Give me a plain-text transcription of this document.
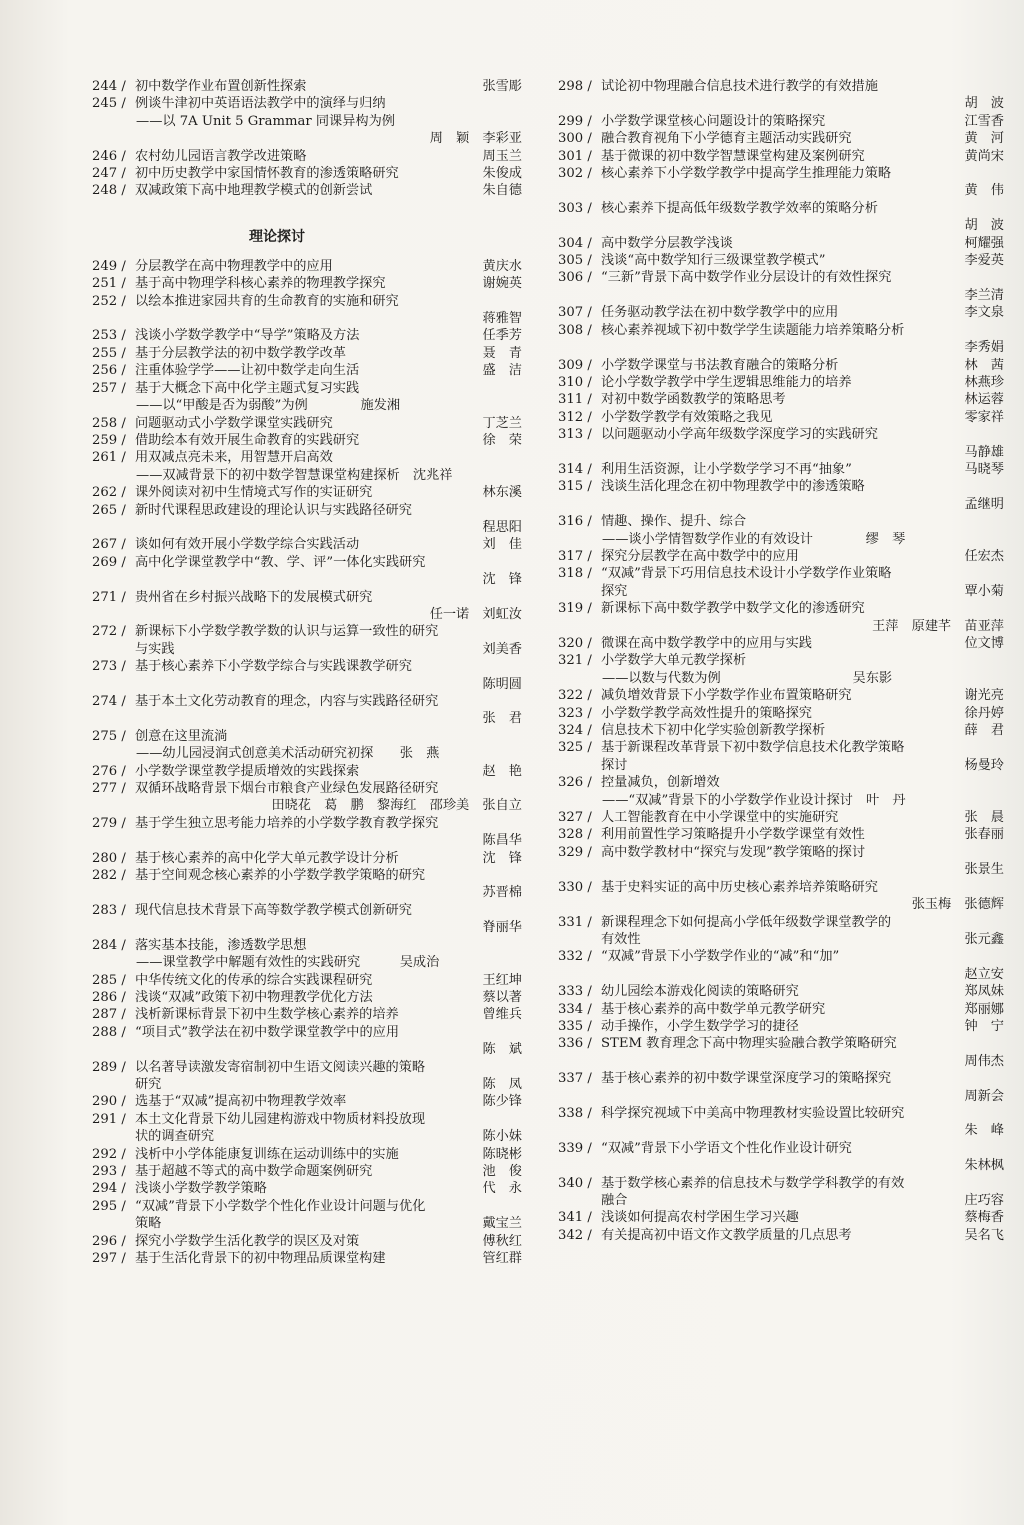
244 / 初中数学作业布置创新性探索	张雪彫
245 / 例谈牛津初中英语语法教学中的演绎与归纳
——以 7A Unit 5 Grammar 同课异构为例
周　颖　李彩亚
246 / 农村幼儿园语言教学改进策略	周玉兰
247 / 初中历史教学中家国情怀教育的渗透策略研究	朱俊成
248 / 双减政策下高中地理教学模式的创新尝试	朱自德
理论探讨
249 / 分层教学在高中物理教学中的应用	黄庆水
251 / 基于高中物理学科核心素养的物理教学探究	谢婉英
252 / 以绘本推进家园共育的生命教育的实施和研究
蒋雅智
253 / 浅谈小学数学教学中“导学”策略及方法	任季芳
255 / 基于分层教学法的初中数学教学改革	聂　青
256 / 注重体验学学——让初中数学走向生活	盛　洁
257 / 基于大概念下高中化学主题式复习实践
——以“甲酸是否为弱酸”为例　　　　施发湘
258 / 问题驱动式小学数学课堂实践研究	丁芝兰
259 / 借助绘本有效开展生命教育的实践研究	徐　荣
261 / 用双减点亮未来，用智慧开启高效
——双减背景下的初中数学智慧课堂构建探析　沈兆祥
262 / 课外阅读对初中生情境式写作的实证研究	林东溪
265 / 新时代课程思政建设的理论认识与实践路径研究
程思阳
267 / 谈如何有效开展小学数学综合实践活动	刘　佳
269 / 高中化学课堂教学中“教、学、评”一体化实践研究
沈　锋
271 / 贵州省在乡村振兴战略下的发展模式研究
任一诺　刘虹汝
272 / 新课标下小学数学教学数的认识与运算一致性的研究
与实践	刘美香
273 / 基于核心素养下小学数学综合与实践课教学研究
陈明圆
274 / 基于本土文化劳动教育的理念，内容与实践路径研究
张　君
275 / 创意在这里流淌
——幼儿园浸润式创意美术活动研究初探　　张　燕
276 / 小学数学课堂教学提质增效的实践探索	赵　艳
277 / 双循环战略背景下烟台市粮食产业绿色发展路径研究
田晓花　葛　鹏　黎海红　邵珍美　张自立
279 / 基于学生独立思考能力培养的小学数学教育教学探究
陈昌华
280 / 基于核心素养的高中化学大单元教学设计分析	沈　锋
282 / 基于空间观念核心素养的小学数学教学策略的研究
苏晋棉
283 / 现代信息技术背景下高等数学教学模式创新研究
脊丽华
284 / 落实基本技能，渗透数学思想
——课堂教学中解题有效性的实践研究　　　吴成治
285 / 中华传统文化的传承的综合实践课程研究	王红坤
286 / 浅谈“双减”政策下初中物理教学优化方法	蔡以著
287 / 浅析新课标背景下初中生数学核心素养的培养	曾维兵
288 / “项目式”教学法在初中数学课堂教学中的应用
陈　斌
289 / 以名著导读激发寄宿制初中生语文阅读兴趣的策略
研究	陈　凤
290 / 选基于“双减”提高初中物理教学效率	陈少锋
291 / 本土文化背景下幼儿园建构游戏中物质材料投放现
状的调查研究	陈小妹
292 / 浅析中小学体能康复训练在运动训练中的实施	陈晓彬
293 / 基于超越不等式的高中数学命题案例研究	池　俊
294 / 浅谈小学数学教学策略	代　永
295 / “双减”背景下小学数学个性化作业设计问题与优化
策略	戴宝兰
296 / 探究小学数学生活化教学的误区及对策	傅秋红
297 / 基于生活化背景下的初中物理品质课堂构建	管红群
298 / 试论初中物理融合信息技术进行教学的有效措施
胡　波
299 / 小学数学课堂核心问题设计的策略探究	江雪香
300 / 融合教育视角下小学德育主题活动实践研究	黄　河
301 / 基于微课的初中数学智慧课堂构建及案例研究	黄尚宋
302 / 核心素养下小学数学教学中提高学生推理能力策略
黄　伟
303 / 核心素养下提高低年级数学教学效率的策略分析
胡　波
304 / 高中数学分层教学浅谈	柯耀强
305 / 浅谈“高中数学知行三级课堂教学模式”	李爱英
306 / “三新”背景下高中数学作业分层设计的有效性探究
李兰清
307 / 任务驱动教学法在初中数学教学中的应用	李文泉
308 / 核心素养视域下初中数学学生读题能力培养策略分析
李秀娟
309 / 小学数学课堂与书法教育融合的策略分析	林　茜
310 / 论小学数学教学中学生逻辑思维能力的培养	林燕珍
311 / 对初中数学函数教学的策略思考	林运蓉
312 / 小学数学教学有效策略之我见	零家祥
313 / 以问题驱动小学高年级数学深度学习的实践研究
马静雄
314 / 利用生活资源，让小学数学学习不再“抽象”	马晓琴
315 / 浅谈生活化理念在初中物理教学中的渗透策略
孟继明
316 / 情趣、操作、提升、综合
——谈小学情智数学作业的有效设计　　　　缪　琴
317 / 探究分层教学在高中数学中的应用	任宏杰
318 / “双减”背景下巧用信息技术设计小学数学作业策略
探究	覃小菊
319 / 新课标下高中数学教学中数学文化的渗透研究
王萍　原建芊　苗亚萍
320 / 微课在高中数学教学中的应用与实践	位文博
321 / 小学数学大单元教学探析
——以数与代数为例　　　　　　　　　　吴东影
322 / 减负增效背景下小学数学作业布置策略研究	谢光亮
323 / 小学数学教学高效性提升的策略探究	徐丹婷
324 / 信息技术下初中化学实验创新教学探析	薛　君
325 / 基于新课程改革背景下初中数学信息技术化教学策略
探讨	杨曼玲
326 / 控量减负，创新增效
——“双减”背景下的小学数学作业设计探讨　叶　丹
327 / 人工智能教育在中小学课堂中的实施研究	张　晨
328 / 利用前置性学习策略提升小学数学课堂有效性	张春丽
329 / 高中数学教材中“探究与发现”教学策略的探讨
张景生
330 / 基于史料实证的高中历史核心素养培养策略研究
张玉梅　张德辉
331 / 新课程理念下如何提高小学低年级数学课堂教学的
有效性	张元鑫
332 / “双减”背景下小学数学作业的“减”和“加”
赵立安
333 / 幼儿园绘本游戏化阅读的策略研究	郑凤妹
334 / 基于核心素养的高中数学单元教学研究	郑丽娜
335 / 动手操作，小学生数学学习的捷径	钟　宁
336 / STEM 教育理念下高中物理实验融合教学策略研究
周伟杰
337 / 基于核心素养的初中数学课堂深度学习的策略探究
周新会
338 / 科学探究视域下中美高中物理教材实验设置比较研究
朱　峰
339 / “双减”背景下小学语文个性化作业设计研究
朱林枫
340 / 基于数学核心素养的信息技术与数学学科教学的有效
融合	庄巧容
341 / 浅谈如何提高农村学困生学习兴趣	蔡梅香
342 / 有关提高初中语文作文教学质量的几点思考	吴名飞
